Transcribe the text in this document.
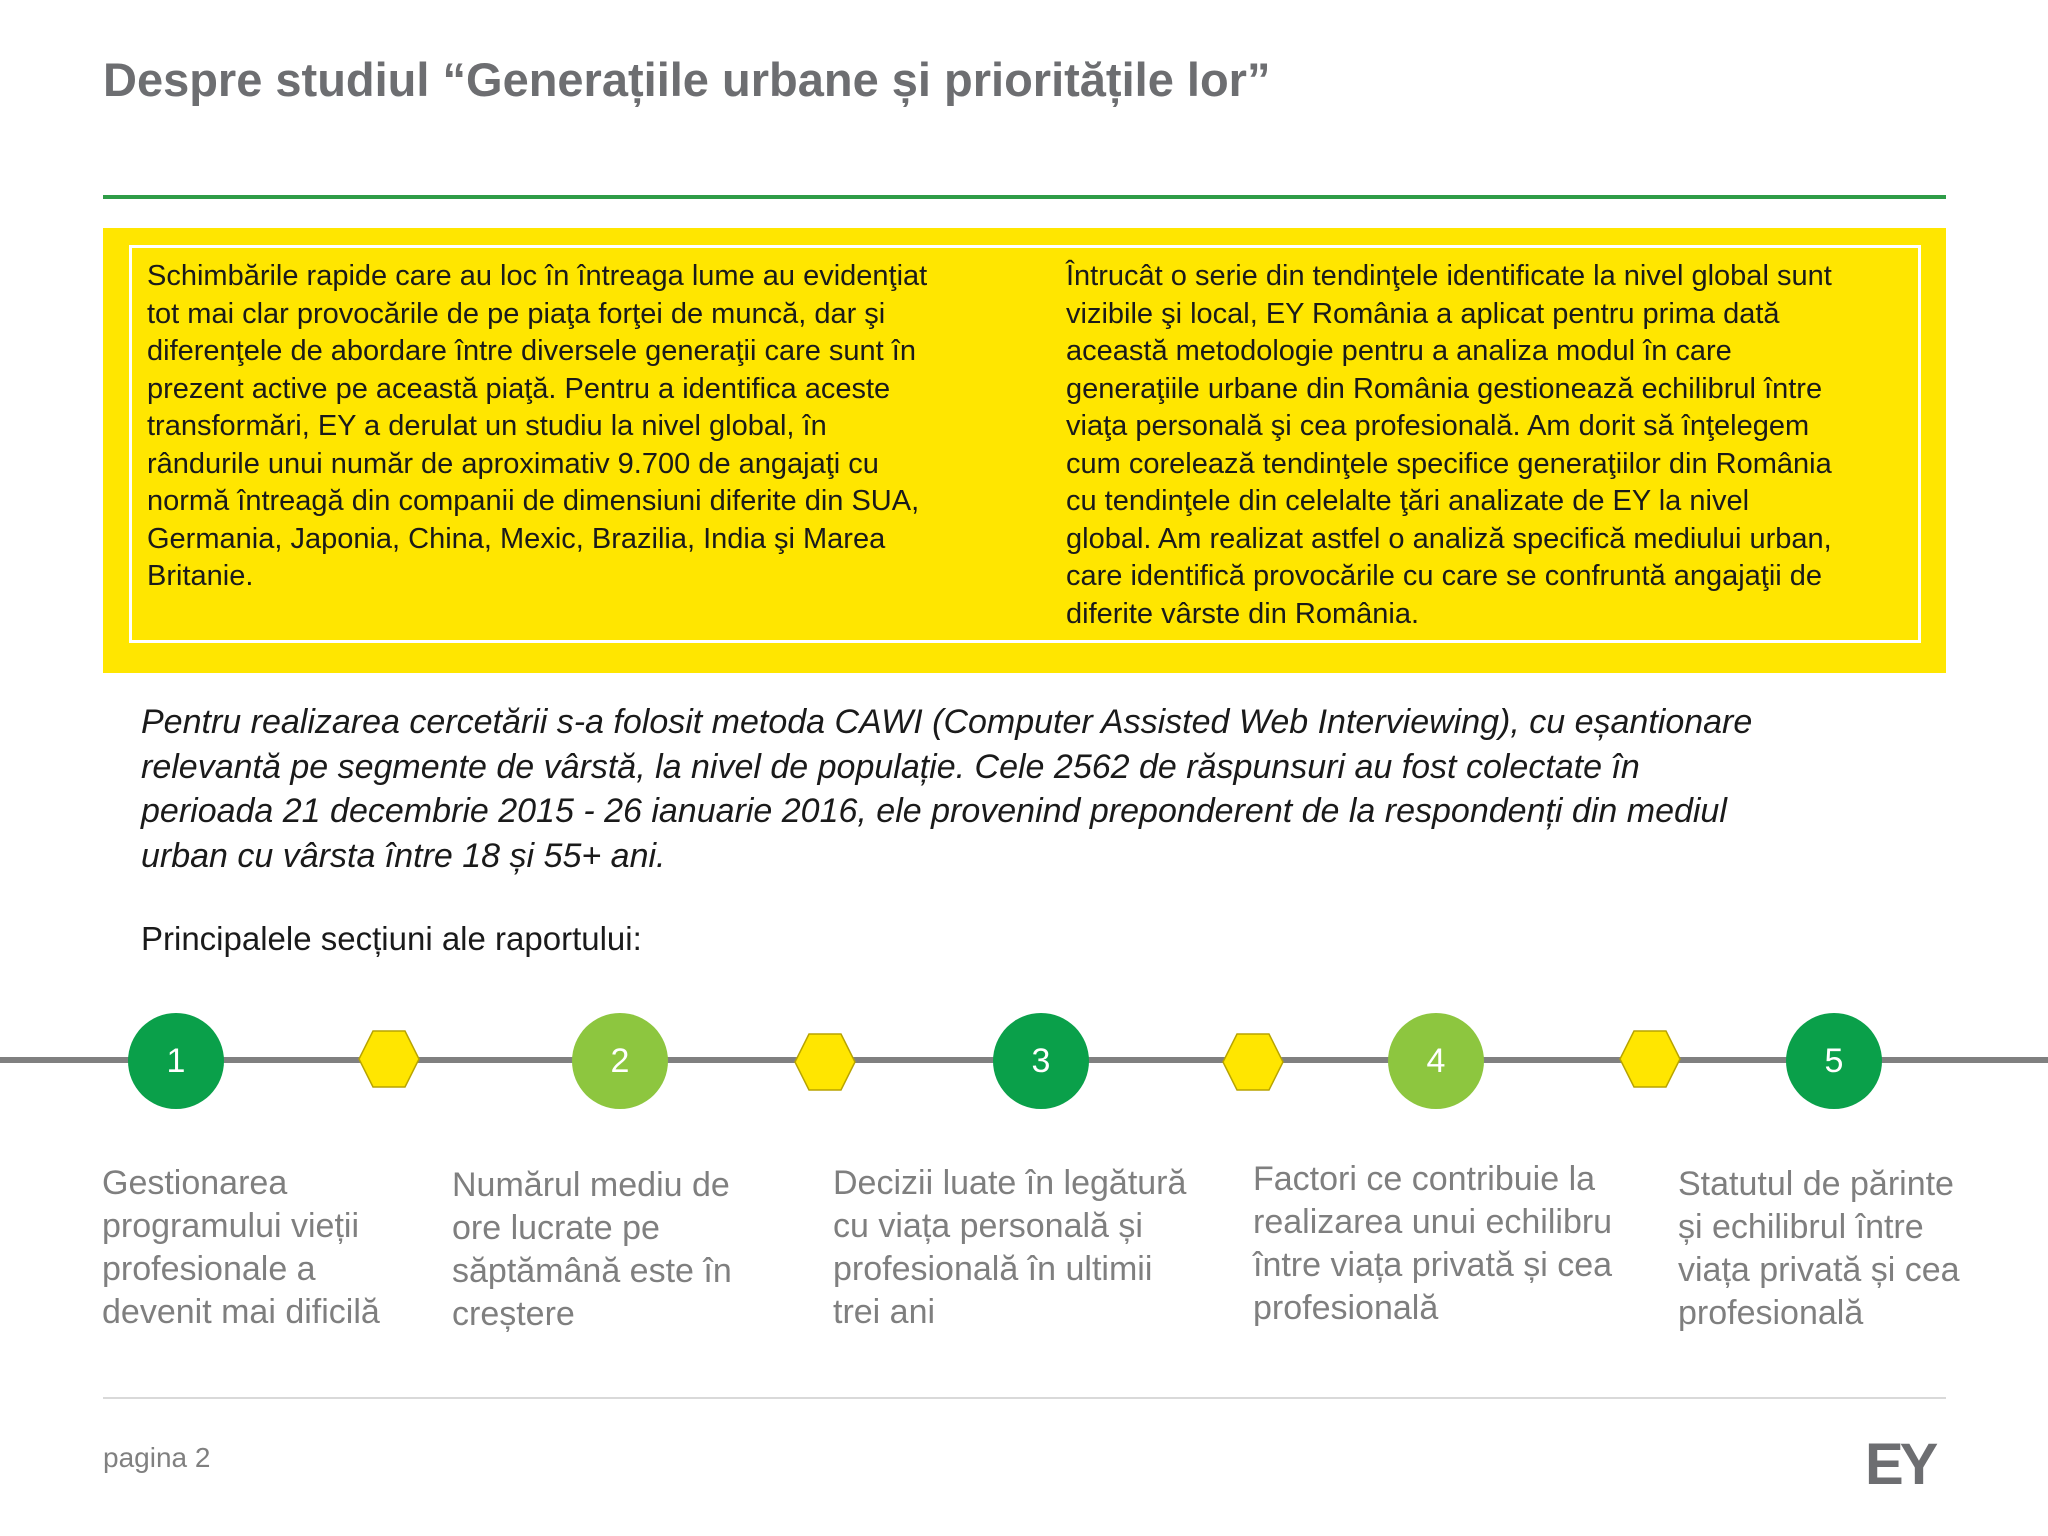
Despre studiul “Generațiile urbane și prioritățile lor”
Schimbările rapide care au loc în întreaga lume au evidenţiat
tot mai clar provocările de pe piaţa forţei de muncă, dar şi
diferenţele de abordare între diversele generaţii care sunt în
prezent active pe această piaţă. Pentru a identifica aceste
transformări, EY a derulat un studiu la nivel global, în
rândurile unui număr de aproximativ 9.700 de angajaţi cu
normă întreagă din companii de dimensiuni diferite din SUA,
Germania, Japonia, China, Mexic, Brazilia, India şi Marea
Britanie.
Întrucât o serie din tendinţele identificate la nivel global sunt
vizibile şi local, EY România a aplicat pentru prima dată
această metodologie pentru a analiza modul în care
generaţiile urbane din România gestionează echilibrul între
viaţa personală şi cea profesională. Am dorit să înţelegem
cum corelează tendinţele specifice generaţiilor din România
cu tendinţele din celelalte ţări analizate de EY la nivel
global. Am realizat astfel o analiză specifică mediului urban,
care identifică provocările cu care se confruntă angajaţii de
diferite vârste din România.
Pentru realizarea cercetării s-a folosit metoda CAWI (Computer Assisted Web Interviewing), cu eșantionare
relevantă pe segmente de vârstă, la nivel de populație. Cele 2562 de răspunsuri au fost colectate în
perioada 21 decembrie 2015 - 26 ianuarie 2016, ele provenind preponderent de la respondenți din mediul
urban cu vârsta între 18 și 55+ ani.
Principalele secțiuni ale raportului:
1	2	3	4	5
Gestionarea
programului vieții
profesionale a
devenit mai dificilă
Numărul mediu de
ore lucrate pe
săptămână este în
creștere
Decizii luate în legătură
cu viața personală și
profesională în ultimii
trei ani
Factori ce contribuie la
realizarea unui echilibru
între viața privată și cea
profesională
Statutul de părinte
și echilibrul între
viața privată și cea
profesională
pagina 2	EY
